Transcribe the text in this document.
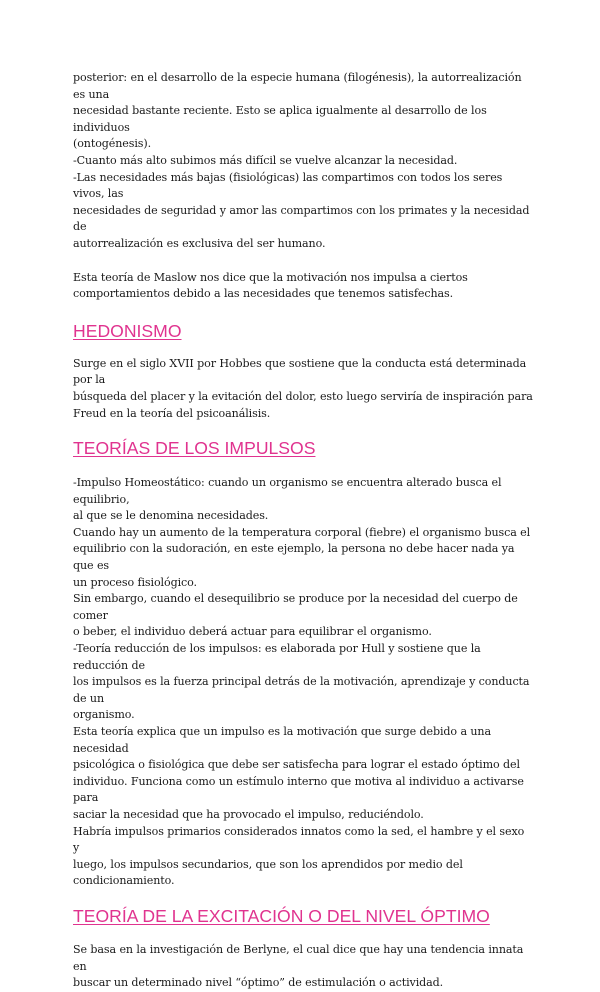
posterior: en el desarrollo de la especie humana (filogénesis), la autorrealización es una

necesidad bastante reciente. Esto se aplica igualmente al desarrollo de los individuos

(ontogénesis).

-Cuanto más alto subimos más difícil se vuelve alcanzar la necesidad.

-Las necesidades más bajas (fisiológicas) las compartimos con todos los seres vivos, las

necesidades de seguridad y amor las compartimos con los primates y la necesidad de

autorrealización es exclusiva del ser humano.

Esta teoría de Maslow nos dice que la motivación nos impulsa a ciertos

comportamientos debido a las necesidades que tenemos satisfechas.

HEDONISMO

Surge en el siglo XVII por Hobbes que sostiene que la conducta está determinada por la

búsqueda del placer y la evitación del dolor, esto luego serviría de inspiración para

Freud en la teoría del psicoanálisis.

TEORÍAS DE LOS IMPULSOS

-Impulso Homeostático: cuando un organismo se encuentra alterado busca el equilibrio,

al que se le denomina necesidades.

Cuando hay un aumento de la temperatura corporal (fiebre) el organismo busca el

equilibrio con la sudoración, en este ejemplo, la persona no debe hacer nada ya que es

un proceso fisiológico.

Sin embargo, cuando el desequilibrio se produce por la necesidad del cuerpo de comer

o beber, el individuo deberá actuar para equilibrar el organismo.

-Teoría reducción de los impulsos: es elaborada por Hull y sostiene que la reducción de

los impulsos es la fuerza principal detrás de la motivación, aprendizaje y conducta de un

organismo.

Esta teoría explica que un impulso es la motivación que surge debido a una necesidad

psicológica o fisiológica que debe ser satisfecha para lograr el estado óptimo del

individuo. Funciona como un estímulo interno que motiva al individuo a activarse para

saciar la necesidad que ha provocado el impulso, reduciéndolo.

Habría impulsos primarios considerados innatos como la sed, el hambre y el sexo y

luego, los impulsos secundarios, que son los aprendidos por medio del

condicionamiento.

TEORÍA DE LA EXCITACIÓN O DEL NIVEL ÓPTIMO

Se basa en la investigación de Berlyne, el cual dice que hay una tendencia innata en

buscar un determinado nivel “óptimo” de estimulación o actividad.
